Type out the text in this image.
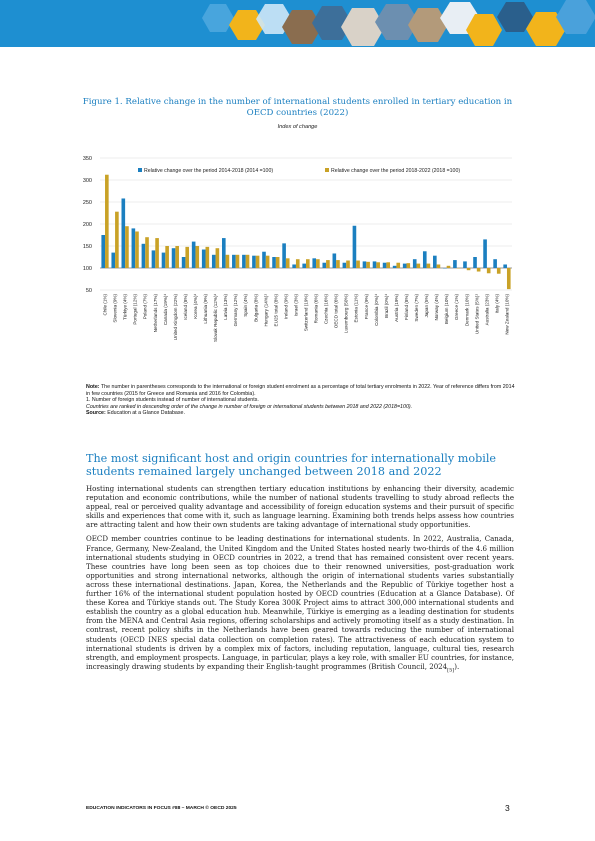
Figure 1. Relative change in the number of international students enrolled in tertiary education in OECD countries (2022)
Index of change
50
100
150
200
250
300
350
Chile (1%) Slovenia (9%) Türkiye (4%) Portugal (12%) Poland (7%) Netherlands (17%) Canada (19%)¹ United Kingdom (22%) Iceland (8%) Korea (4%)¹ Lithuania (9%) Slovak Republic (12%)¹ Latvia (13%) Germany (12%) Spain (4%) Bulgaria (8%) Hungary (14%)¹ EU25 total (8%) Ireland (9%) Israel (3%) Switzerland (19%) Romania (6%) Czechia (16%) OECD total (6%) Luxembourg (50%) Estonia (11%) France (9%) Colombia (0%)¹ Brazil (0%)¹ Austria (19%) Finland (8%) Sweden (7%) Japan (5%) Norway (4%) Belgium (10%) Greece (1%) Denmark (10%) United States (5%)¹ Australia (23%) Italy (4%) New Zealand (10%)
Relative change over the period 2014-2018 (2014 =100)	Relative change over the period 2018-2022 (2018 =100)

Note: The number in parentheses corresponds to the international or foreign student enrolment as a percentage of total tertiary enrolments in 2022. Year of reference differs from 2014 in few countries (2015 for Greece and Romania and 2016 for Colombia).

1. Number of foreign students instead of number of international students.

Countries are ranked in descending order of the change in number of foreign or international students between 2018 and 2022 (2018=100).

Source: Education at a Glance Database.

The most significant host and origin countries for internationally mobile students remained largely unchanged between 2018 and 2022

Hosting international students can strengthen tertiary education institutions by enhancing their diversity, academic reputation and economic contributions, while the number of national students travelling to study abroad reflects the appeal, real or perceived quality advantage and accessibility of foreign education systems and their pursuit of specific skills and experiences that come with it, such as language learning. Examining both trends helps assess how countries are attracting talent and how their own students are taking advantage of international study opportunities.

OECD member countries continue to be leading destinations for international students. In 2022, Australia, Canada, France, Germany, New-Zealand, the United Kingdom and the United States hosted nearly two-thirds of the 4.6 million international students studying in OECD countries in 2022, a trend that has remained consistent over recent years. These countries have long been seen as top choices due to their renowned universities, post-graduation work opportunities and strong international networks, although the origin of international students varies substantially across these international destinations. Japan, Korea, the Netherlands and the Republic of Türkiye together host a further 16% of the international student population hosted by OECD countries (Education at a Glance Database). Of these Korea and Türkiye stands out. The Study Korea 300K Project aims to attract 300,000 international students and establish the country as a global education hub. Meanwhile, Türkiye is emerging as a leading destination for students from the MENA and Central Asia regions, offering scholarships and actively promoting itself as a study destination. In contrast, recent policy shifts in the Netherlands have been geared towards reducing the number of international students (OECD INES special data collection on completion rates). The attractiveness of each education system to international students is driven by a complex mix of factors, including reputation, language, cultural ties, research strength, and employment prospects. Language, in particular, plays a key role, with smaller EU countries, for instance, increasingly drawing students by expanding their English-taught programmes (British Council, $2024_{[5]}$).

EDUCATION INDICATORS IN FOCUS #88 – MARCH © OECD 2025	3
